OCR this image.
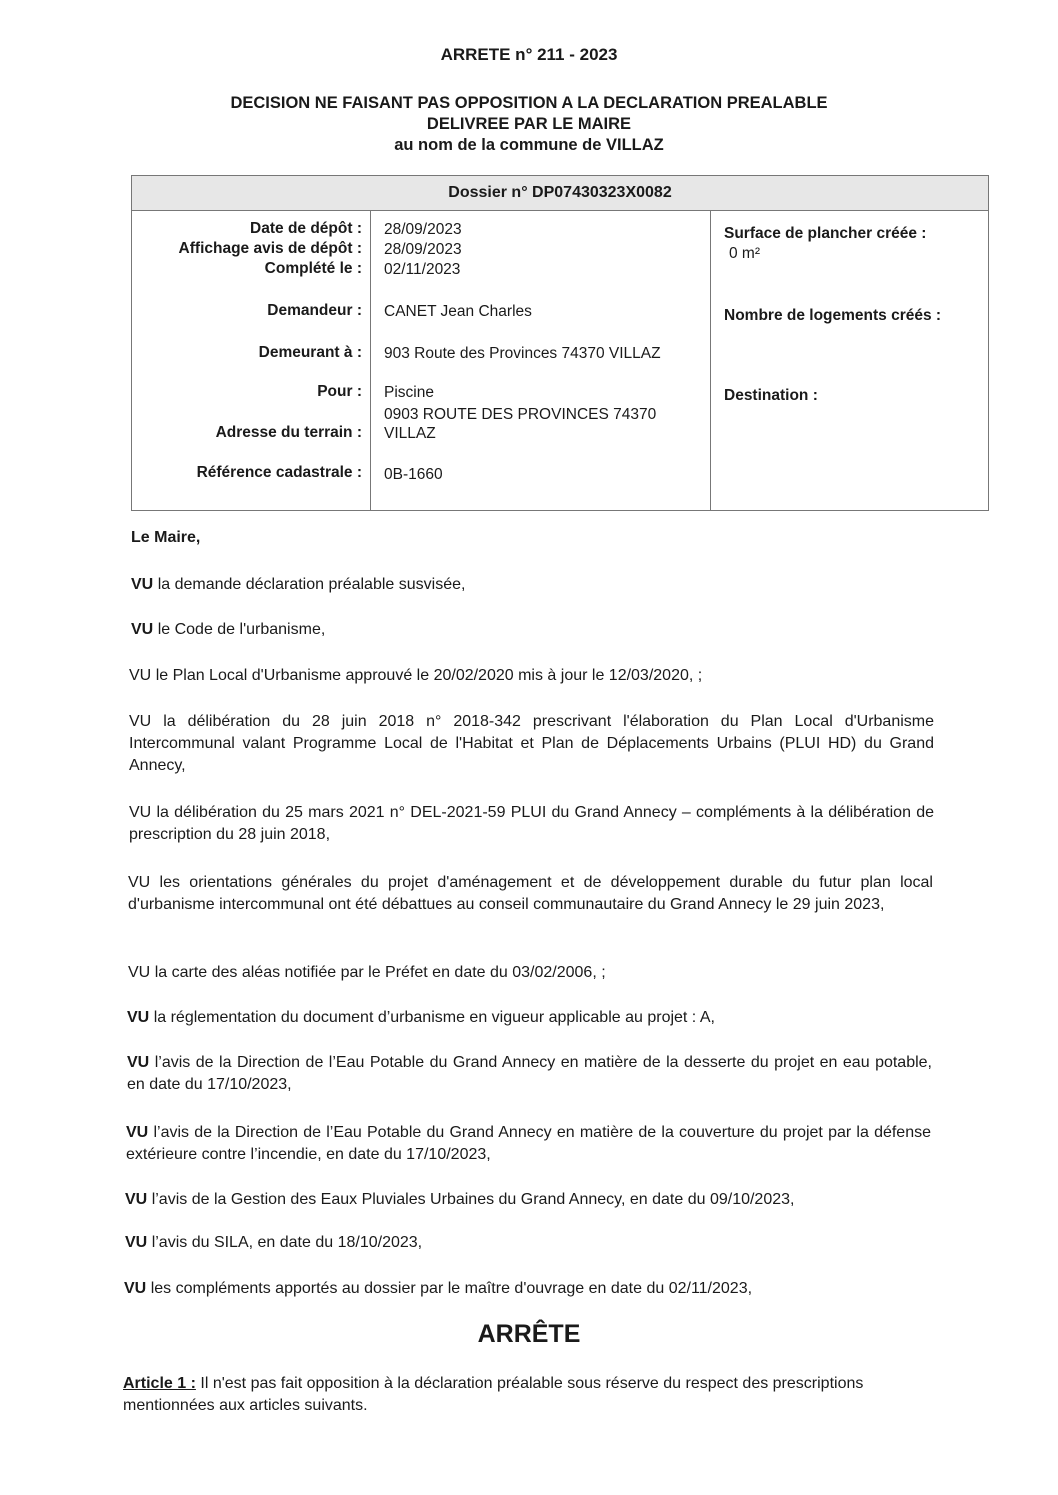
ARRETE n° 211 - 2023
DECISION NE FAISANT PAS OPPOSITION A LA DECLARATION PREALABLE
DELIVREE PAR LE MAIRE
au nom de la commune de VILLAZ
Dossier n° DP07430323X0082
Date de dépôt :
Affichage avis de dépôt :
Complété le :
Demandeur :
Demeurant à :
Pour :
Adresse du terrain :
Référence cadastrale :
28/09/2023
28/09/2023
02/11/2023
CANET Jean Charles
903 Route des Provinces 74370 VILLAZ
Piscine
0903 ROUTE DES PROVINCES 74370
VILLAZ
0B-1660
Surface de plancher créée :
0 m²
Nombre de logements créés :
Destination :
Le Maire,
VU la demande déclaration préalable susvisée,
VU le Code de l'urbanisme,
VU le Plan Local d'Urbanisme approuvé le 20/02/2020 mis à jour le 12/03/2020, ;
VU la délibération du 28 juin 2018 n° 2018-342 prescrivant l'élaboration du Plan Local d'Urbanisme Intercommunal valant Programme Local de l'Habitat et Plan de Déplacements Urbains (PLUI HD) du Grand Annecy,
VU la délibération du 25 mars 2021 n° DEL-2021-59 PLUI du Grand Annecy – compléments à la délibération de prescription du 28 juin 2018,
VU les orientations générales du projet d'aménagement et de développement durable du futur plan local d'urbanisme intercommunal ont été débattues au conseil communautaire du Grand Annecy le 29 juin 2023,
VU la carte des aléas notifiée par le Préfet en date du 03/02/2006, ;
VU la réglementation du document d’urbanisme en vigueur applicable au projet : A,
VU l’avis de la Direction de l’Eau Potable du Grand Annecy en matière de la desserte du projet en eau potable, en date du 17/10/2023,
VU l’avis de la Direction de l’Eau Potable du Grand Annecy en matière de la couverture du projet par la défense extérieure contre l’incendie, en date du 17/10/2023,
VU l’avis de la Gestion des Eaux Pluviales Urbaines du Grand Annecy, en date du 09/10/2023,
VU l’avis du SILA, en date du 18/10/2023,
VU les compléments apportés au dossier par le maître d'ouvrage en date du 02/11/2023,
ARRÊTE
Article 1 : Il n'est pas fait opposition à la déclaration préalable sous réserve du respect des prescriptions mentionnées aux articles suivants.
